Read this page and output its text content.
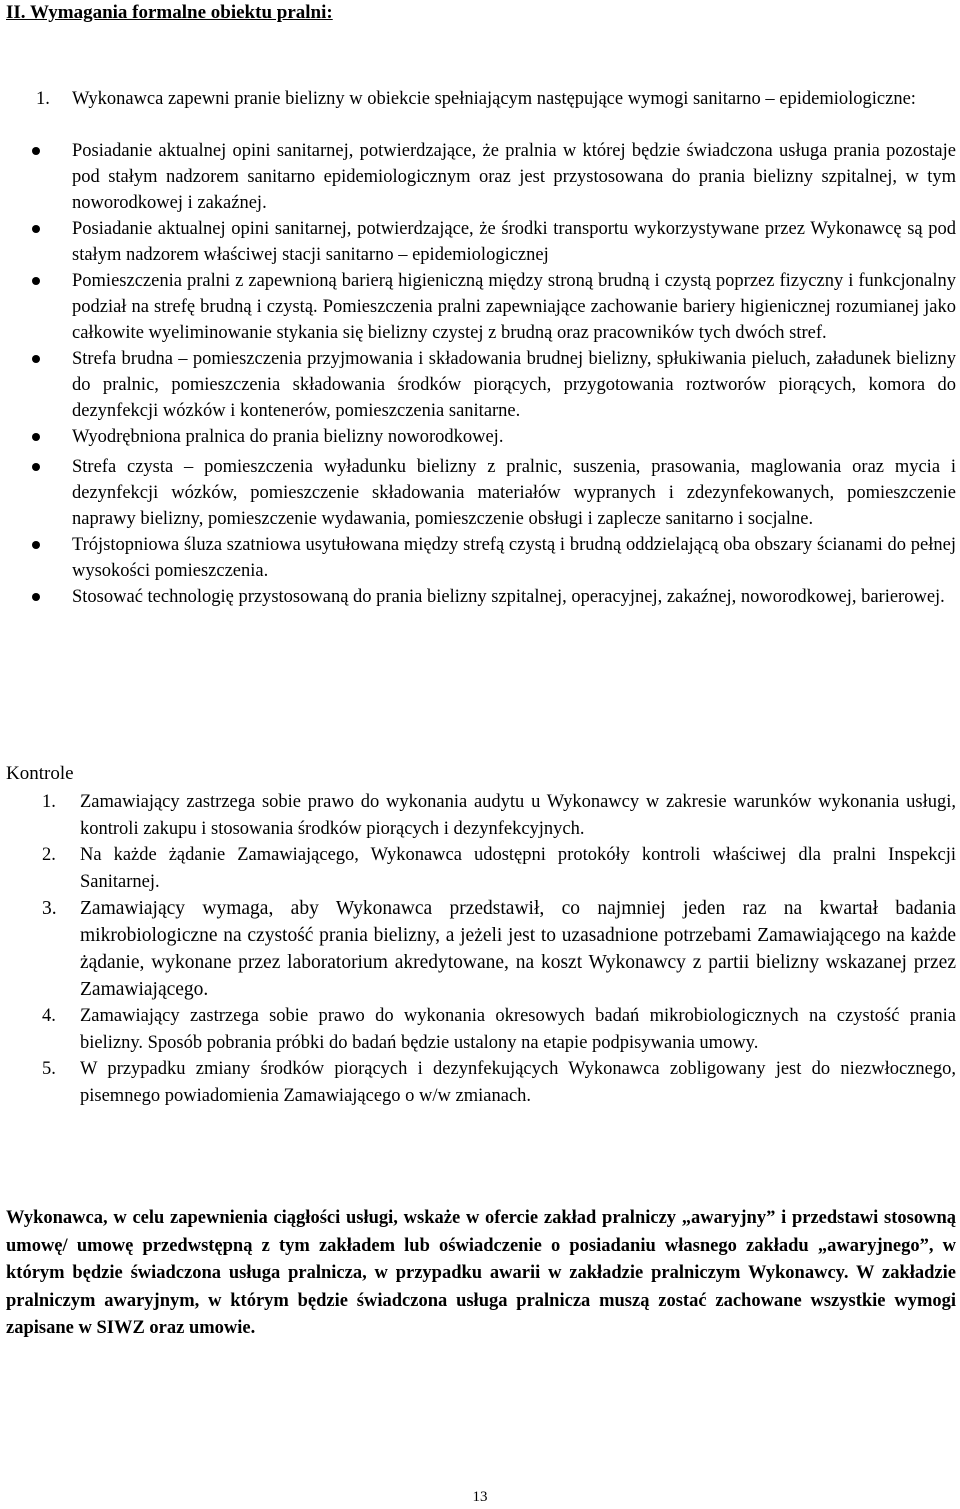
II. Wymagania formalne obiektu pralni:

1. Wykonawca zapewni pranie bielizny w obiekcie spełniającym następujące wymogi sanitarno – epidemiologiczne:

Posiadanie aktualnej opini sanitarnej, potwierdzające, że pralnia w której będzie świadczona usługa prania pozostaje pod stałym nadzorem sanitarno epidemiologicznym oraz jest przystosowana do prania bielizny szpitalnej, w tym noworodkowej i zakaźnej.
Posiadanie aktualnej opini sanitarnej, potwierdzające, że środki transportu wykorzystywane przez Wykonawcę są pod stałym nadzorem właściwej stacji sanitarno – epidemiologicznej
Pomieszczenia pralni z zapewnioną barierą higieniczną między stroną brudną i czystą poprzez fizyczny i funkcjonalny podział na strefę brudną i czystą. Pomieszczenia pralni zapewniające zachowanie bariery higienicznej rozumianej jako całkowite wyeliminowanie stykania się bielizny czystej z brudną oraz pracowników tych dwóch stref.
Strefa brudna – pomieszczenia przyjmowania i składowania brudnej bielizny, spłukiwania pieluch, załadunek bielizny do pralnic, pomieszczenia składowania środków piorących, przygotowania roztworów piorących, komora do dezynfekcji wózków i kontenerów, pomieszczenia sanitarne.
Wyodrębniona pralnica do prania bielizny noworodkowej.
Strefa czysta – pomieszczenia wyładunku bielizny z pralnic, suszenia, prasowania, maglowania oraz mycia i dezynfekcji wózków, pomieszczenie składowania materiałów wypranych i zdezynfekowanych, pomieszczenie naprawy bielizny, pomieszczenie wydawania, pomieszczenie obsługi i zaplecze sanitarno i socjalne.
Trójstopniowa śluza szatniowa usytułowana między strefą czystą i brudną oddzielającą oba obszary ścianami do pełnej wysokości pomieszczenia.
Stosować technologię przystosowaną do prania bielizny szpitalnej, operacyjnej, zakaźnej, noworodkowej, barierowej.
Kontrole
1. Zamawiający zastrzega sobie prawo do wykonania audytu u Wykonawcy w zakresie warunków wykonania usługi, kontroli zakupu i stosowania środków piorących i dezynfekcyjnych.
2. Na każde żądanie Zamawiającego, Wykonawca udostępni protokóły kontroli właściwej dla pralni Inspekcji Sanitarnej.
3. Zamawiający wymaga, aby Wykonawca przedstawił, co najmniej jeden raz na kwartał badania mikrobiologiczne na czystość prania bielizny, a jeżeli jest to uzasadnione potrzebami Zamawiającego na każde żądanie, wykonane przez laboratorium akredytowane, na koszt Wykonawcy z partii bielizny wskazanej przez Zamawiającego.
4. Zamawiający zastrzega sobie prawo do wykonania okresowych badań mikrobiologicznych na czystość prania bielizny. Sposób pobrania próbki do badań będzie ustalony na etapie podpisywania umowy.
5. W przypadku zmiany środków piorących i dezynfekujących Wykonawca zobligowany jest do niezwłocznego, pisemnego powiadomienia Zamawiającego o w/w zmianach.

Wykonawca, w celu zapewnienia ciągłości usługi, wskaże w ofercie zakład pralniczy „awaryjny” i przedstawi stosowną umowę/ umowę przedwstępną z tym zakładem lub oświadczenie o posiadaniu własnego zakładu „awaryjnego”, w którym będzie świadczona usługa pralnicza, w przypadku awarii w zakładzie pralniczym Wykonawcy. W zakładzie pralniczym awaryjnym, w którym będzie świadczona usługa pralnicza muszą zostać zachowane wszystkie wymogi zapisane w SIWZ oraz umowie.

13
